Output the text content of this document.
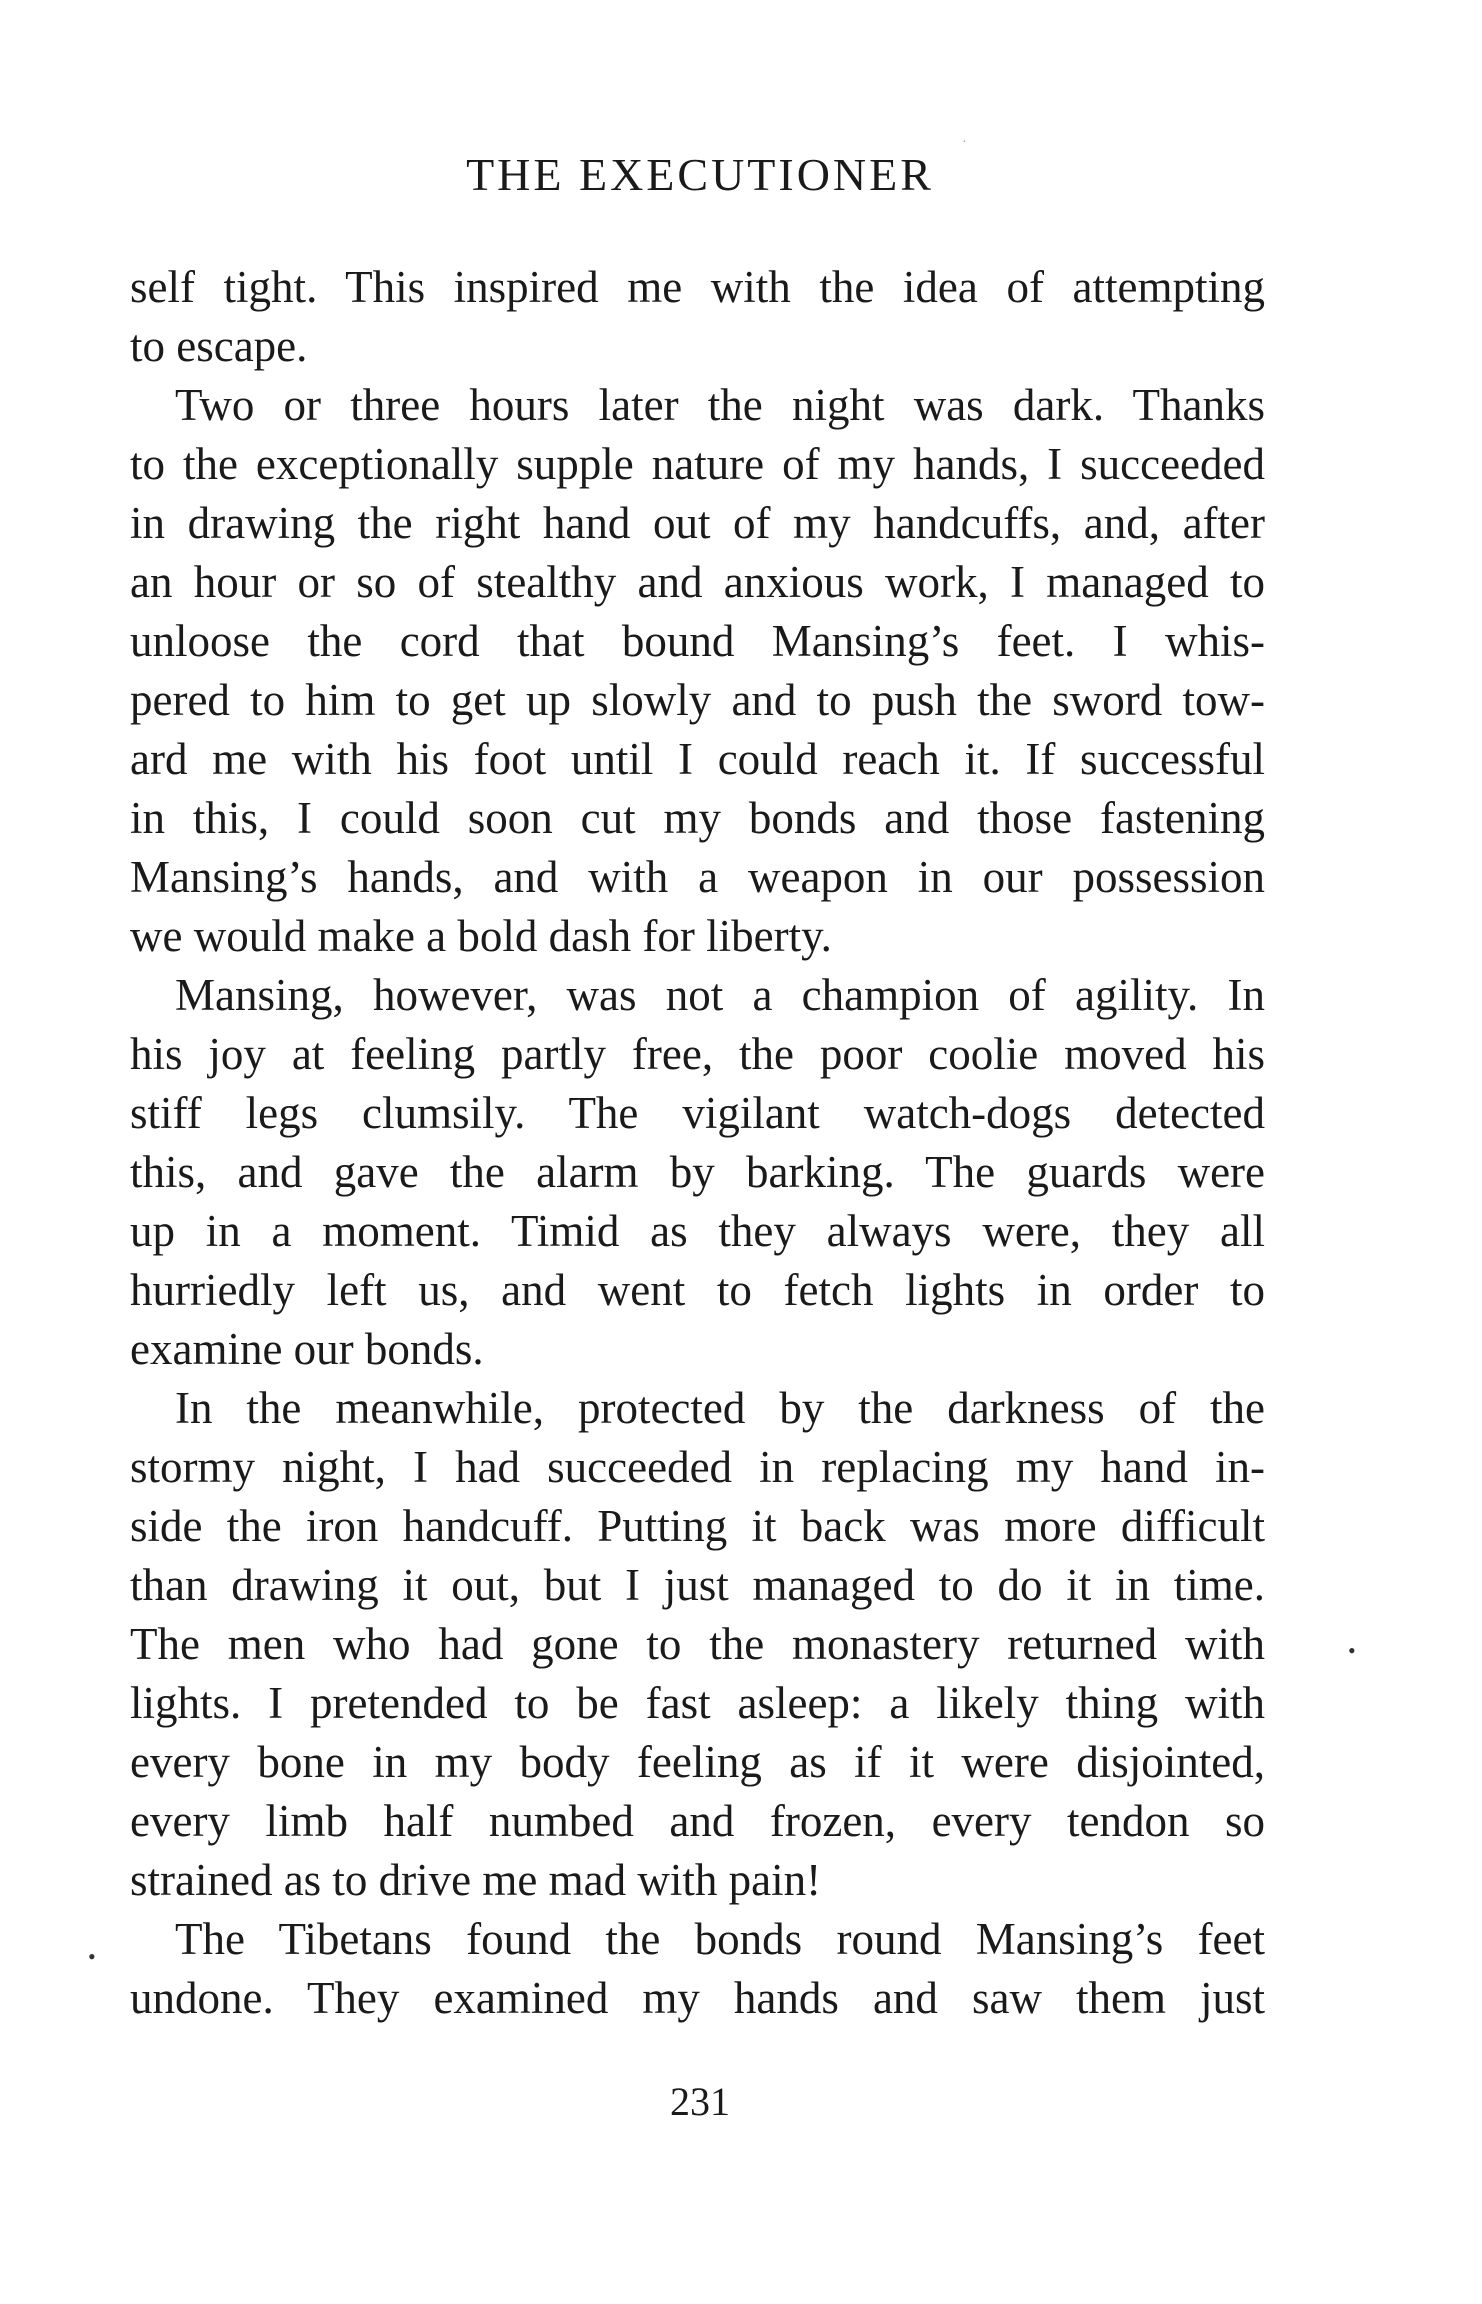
THE EXECUTIONER
·
self tight. This inspired me with the idea of attempting
to escape.
Two or three hours later the night was dark. Thanks
to the exceptionally supple nature of my hands, I succeeded
in drawing the right hand out of my handcuffs, and, after
an hour or so of stealthy and anxious work, I managed to
unloose the cord that bound Mansing’s feet. I whis-
pered to him to get up slowly and to push the sword tow-
ard me with his foot until I could reach it. If successful
in this, I could soon cut my bonds and those fastening
Mansing’s hands, and with a weapon in our possession
we would make a bold dash for liberty.
Mansing, however, was not a champion of agility. In
his joy at feeling partly free, the poor coolie moved his
stiff legs clumsily. The vigilant watch-dogs detected
this, and gave the alarm by barking. The guards were
up in a moment. Timid as they always were, they all
hurriedly left us, and went to fetch lights in order to
examine our bonds.
In the meanwhile, protected by the darkness of the
stormy night, I had succeeded in replacing my hand in-
side the iron handcuff. Putting it back was more difficult
than drawing it out, but I just managed to do it in time.
The men who had gone to the monastery returned with
lights. I pretended to be fast asleep: a likely thing with
every bone in my body feeling as if it were disjointed,
every limb half numbed and frozen, every tendon so
strained as to drive me mad with pain!
The Tibetans found the bonds round Mansing’s feet
undone. They examined my hands and saw them just
•
•
231
